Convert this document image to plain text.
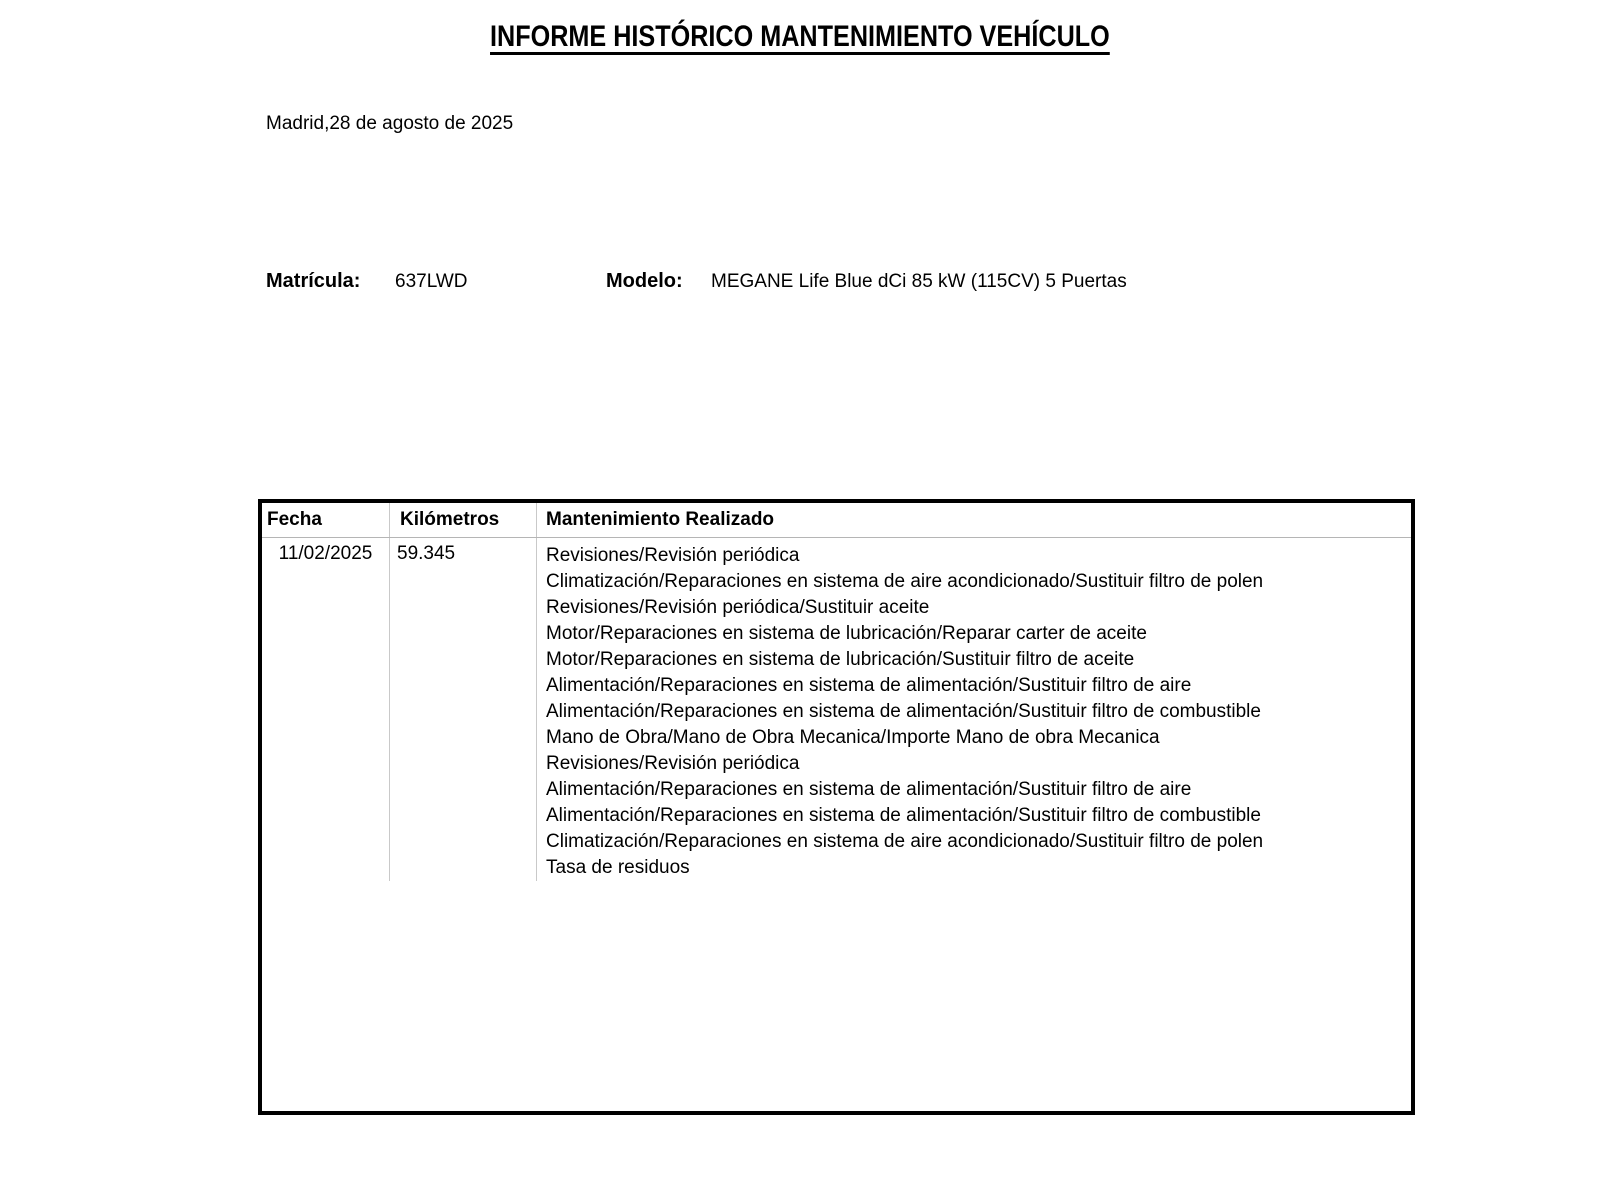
INFORME HISTÓRICO MANTENIMIENTO VEHÍCULO
Madrid,28 de agosto de 2025
Matrícula: 637LWD	Modelo: MEGANE Life Blue dCi 85 kW (115CV) 5 Puertas
Fecha	Kilómetros	Mantenimiento Realizado
11/02/2025	59.345	Revisiones/Revisión periódica
Climatización/Reparaciones en sistema de aire acondicionado/Sustituir filtro de polen
Revisiones/Revisión periódica/Sustituir aceite
Motor/Reparaciones en sistema de lubricación/Reparar carter de aceite
Motor/Reparaciones en sistema de lubricación/Sustituir filtro de aceite
Alimentación/Reparaciones en sistema de alimentación/Sustituir filtro de aire
Alimentación/Reparaciones en sistema de alimentación/Sustituir filtro de combustible
Mano de Obra/Mano de Obra Mecanica/Importe Mano de obra Mecanica
Revisiones/Revisión periódica
Alimentación/Reparaciones en sistema de alimentación/Sustituir filtro de aire
Alimentación/Reparaciones en sistema de alimentación/Sustituir filtro de combustible
Climatización/Reparaciones en sistema de aire acondicionado/Sustituir filtro de polen
Tasa de residuos
